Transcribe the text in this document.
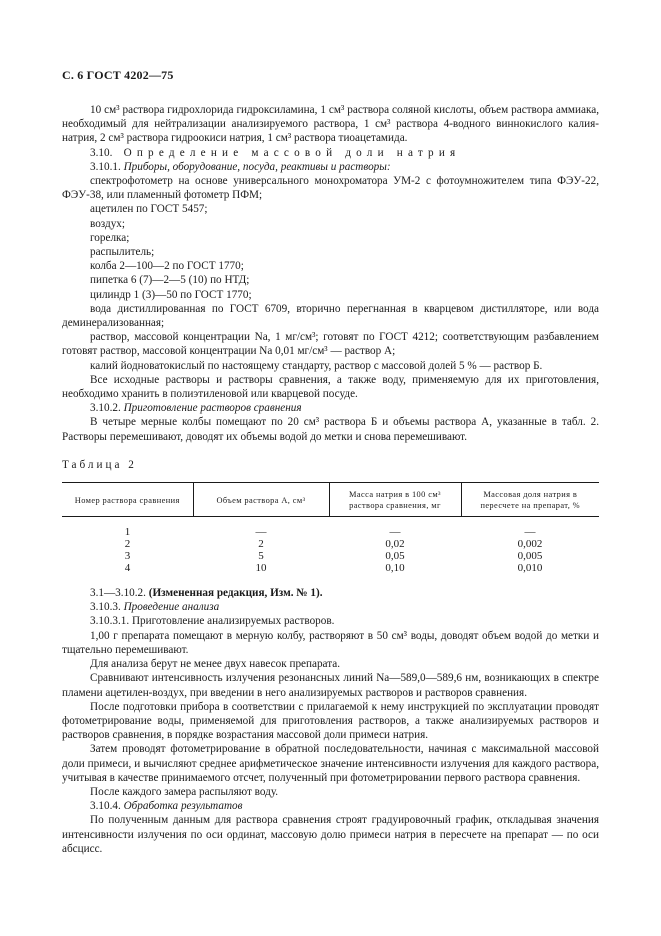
С. 6 ГОСТ 4202—75

10 см³ раствора гидрохлорида гидроксиламина, 1 см³ раствора соляной кислоты, объем раствора аммиака, необходимый для нейтрализации анализируемого раствора, 1 см³ раствора 4-водного виннокислого калия-натрия, 2 см³ раствора гидроокиси натрия, 1 см³ раствора тиоацетамида.

3.10. Определение массовой доли натрия

3.10.1. Приборы, оборудование, посуда, реактивы и растворы:

спектрофотометр на основе универсального монохроматора УМ-2 с фотоумножителем типа ФЭУ-22, ФЭУ-38, или пламенный фотометр ПФМ;

ацетилен по ГОСТ 5457;

воздух;

горелка;

распылитель;

колба 2—100—2 по ГОСТ 1770;

пипетка 6 (7)—2—5 (10) по НТД;

цилиндр 1 (3)—50 по ГОСТ 1770;

вода дистиллированная по ГОСТ 6709, вторично перегнанная в кварцевом дистилляторе, или вода деминерализованная;

раствор, массовой концентрации Na, 1 мг/см³; готовят по ГОСТ 4212; соответствующим разбавлением готовят раствор, массовой концентрации Na 0,01 мг/см³ — раствор А;

калий йодноватокислый по настоящему стандарту, раствор с массовой долей 5 % — раствор Б.

Все исходные растворы и растворы сравнения, а также воду, применяемую для их приготовления, необходимо хранить в полиэтиленовой или кварцевой посуде.

3.10.2. Приготовление растворов сравнения

В четыре мерные колбы помещают по 20 см³ раствора Б и объемы раствора А, указанные в табл. 2. Растворы перемешивают, доводят их объемы водой до метки и снова перемешивают.

Таблица 2

Номер раствора сравнения	Объем раствора А, см³	Масса натрия в 100 см³ раствора сравнения, мг	Массовая доля натрия в пересчете на препарат, %
1	—	—	—
2	2	0,02	0,002
3	5	0,05	0,005
4	10	0,10	0,010

3.1—3.10.2. (Измененная редакция, Изм. № 1).

3.10.3. Проведение анализа

3.10.3.1. Приготовление анализируемых растворов.

1,00 г препарата помещают в мерную колбу, растворяют в 50 см³ воды, доводят объем водой до метки и тщательно перемешивают.

Для анализа берут не менее двух навесок препарата.

Сравнивают интенсивность излучения резонансных линий Na—589,0—589,6 нм, возникающих в спектре пламени ацетилен-воздух, при введении в него анализируемых растворов и растворов сравнения.

После подготовки прибора в соответствии с прилагаемой к нему инструкцией по эксплуатации проводят фотометрирование воды, применяемой для приготовления растворов, а также анализируемых растворов и растворов сравнения, в порядке возрастания массовой доли примеси натрия.

Затем проводят фотометрирование в обратной последовательности, начиная с максимальной массовой доли примеси, и вычисляют среднее арифметическое значение интенсивности излучения для каждого раствора, учитывая в качестве принимаемого отсчет, полученный при фотометрировании первого раствора сравнения.

После каждого замера распыляют воду.

3.10.4. Обработка результатов

По полученным данным для раствора сравнения строят градуировочный график, откладывая значения интенсивности излучения по оси ординат, массовую долю примеси натрия в пересчете на препарат — по оси абсцисс.
